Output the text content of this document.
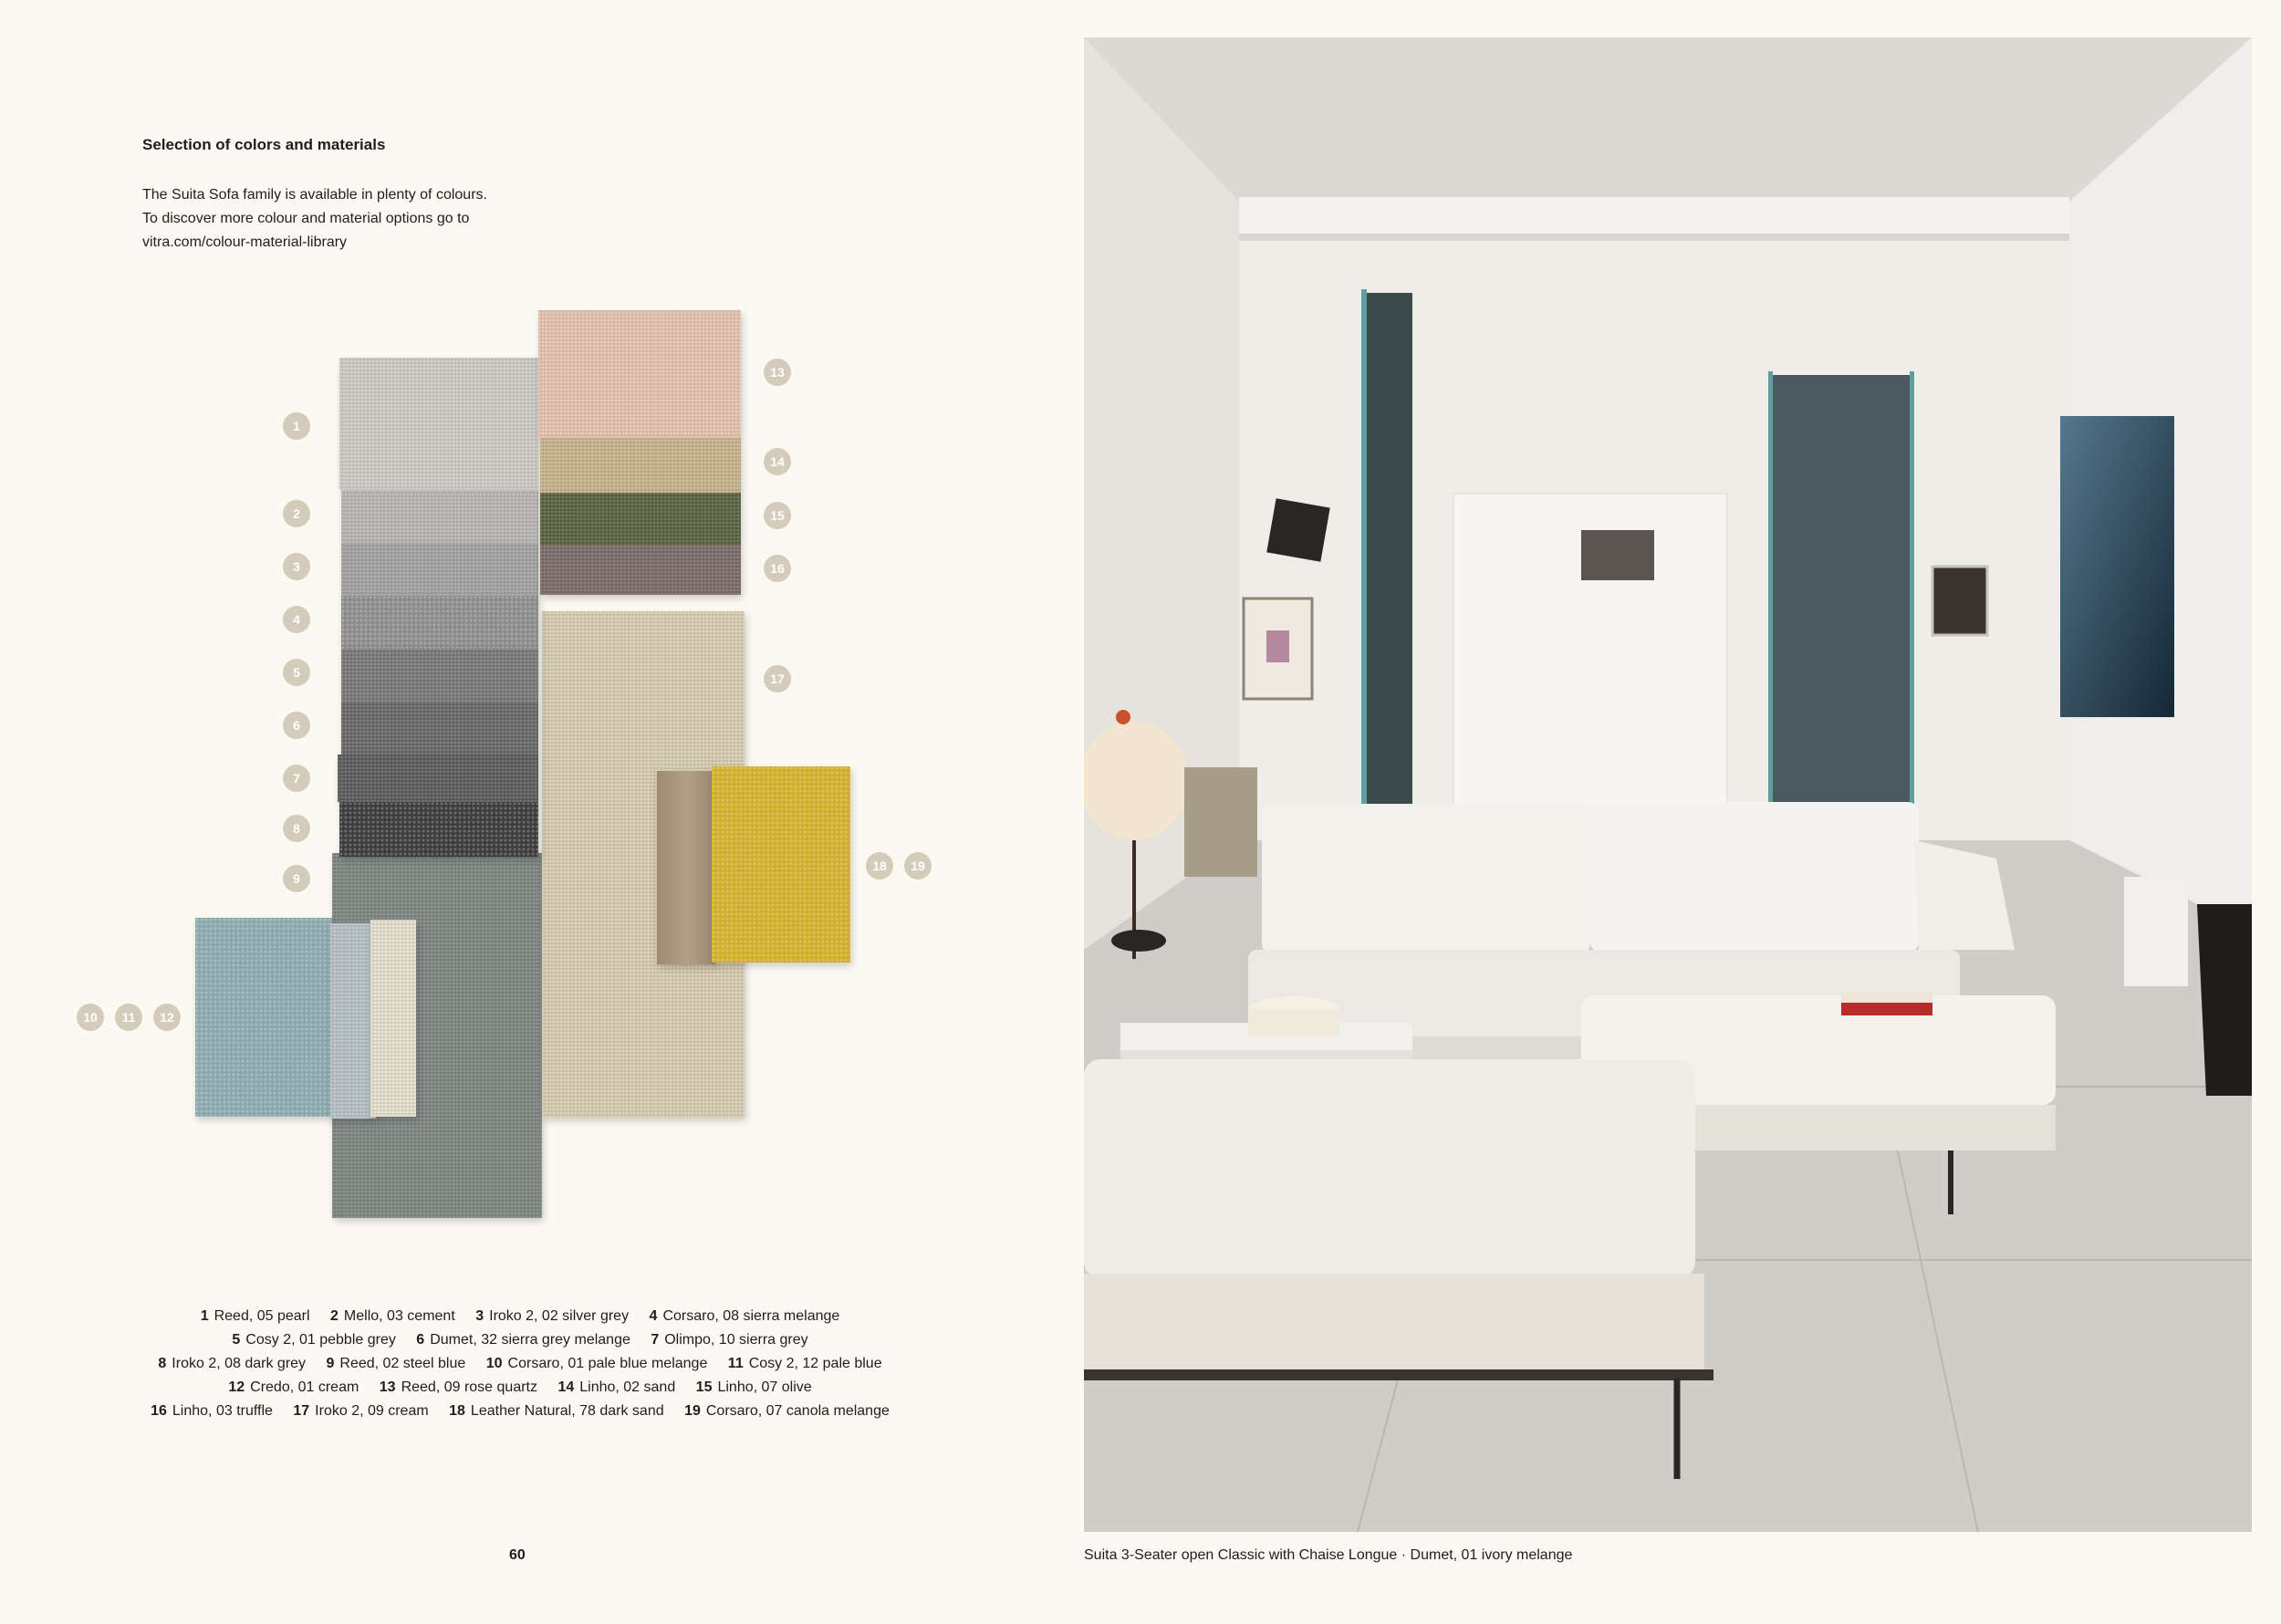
Selection of colors and materials
The Suita Sofa family is available in plenty of colours.
To discover more colour and material options go to
vitra.com/colour-material-library
1
2
3
4
5
6
7
8
9
10	11	12
13
14
15
16
17
18	19
1 Reed, 05 pearl 2 Mello, 03 cement 3 Iroko 2, 02 silver grey 4 Corsaro, 08 sierra melange
5 Cosy 2, 01 pebble grey 6 Dumet, 32 sierra grey melange 7 Olimpo, 10 sierra grey
8 Iroko 2, 08 dark grey 9 Reed, 02 steel blue 10 Corsaro, 01 pale blue melange 11 Cosy 2, 12 pale blue
12 Credo, 01 cream 13 Reed, 09 rose quartz 14 Linho, 02 sand 15 Linho, 07 olive
16 Linho, 03 truffle 17 Iroko 2, 09 cream 18 Leather Natural, 78 dark sand 19 Corsaro, 07 canola melange
60	Suita 3-Seater open Classic with Chaise Longue · Dumet, 01 ivory melange
